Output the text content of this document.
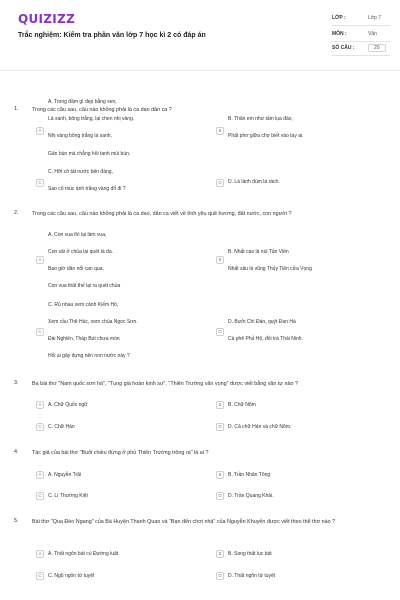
QUIZIZZ
Trắc nghiệm: Kiểm tra phần văn lớp 7 học kì 2 có đáp án
LỚP :	Lớp 7
MÔN :	Văn
SỐ CÂU :	20
1.	Trong các câu sau, câu nào không phải là ca dao dân ca ?
A
A. Trong đầm gì đẹp bằng sen,
Lá xanh, bông trắng, lại chen nhị vàng.
Nhị vàng bông trắng lá xanh,
Gần bùn mà chẳng hôi tanh mùi bùn.
B
B. Thân em như tấm lụa đào,
Phất phơ giữa chợ biết vào tay ai.
C
C. Hỡi cô tát nước bên đàng,
Sao cô múc ánh trăng vàng đổ đi ?
D	D. Lá lành đùm lá rách.
2.	Trong các câu sau, câu nào không phải là ca dao, dân ca viết về tình yêu quê hương, đất nước, con người ?
A
A. Con vua thì lại làm vua,
Con sãi ở chùa lại quét lá đa.
Bao giờ dân nổi can qua,
Con vua thất thế lại ra quét chùa
B
B. Nhất cao là núi Tản Viên
Nhất sâu là vũng Thủy Tiên cửa Vọng
C
C. Rủ nhau xem cảnh Kiếm Hồ,
Xem cầu Thê Húc, xem chùa Ngọc Sơn.
Đài Nghiên, Tháp Bút chưa mòn
Hỏi ai gây dựng nên non nước này ?
D
D. Bưởi Chí Đán, quýt Đan Hà
Cà phê Phủ Hộ, đồi trà Thái Ninh.
3.	Ba bài thơ "Nam quốc sơn hà", "Tụng giá hoàn kinh sư", "Thiên Trường vãn vọng" được viết bằng văn tự nào ?
A	A. Chữ Quốc ngữ	B	B. Chữ Nôm
C	C. Chữ Hán	D	D. Cả chữ Hán và chữ Nôm.
4.	Tác giả của bài thơ "Buổi chiều đứng ở phủ Thiên Trường trông ra" là ai ?
A	A. Nguyễn Trãi	B	B. Trần Nhân Tông
C	C. Lí Thường Kiệt	D	D. Trần Quang Khải.
5.	Bài thơ "Qua Đèo Ngang" của Bà Huyện Thanh Quan và "Bạn đến chơi nhà" của Nguyễn Khuyến được viết theo thể thơ nào ?
A	A. Thất ngôn bát cú Đường luật	B	B. Song thất lục bát
C	C. Ngũ ngôn tứ tuyệt	D	D. Thất ngôn tứ tuyệt
